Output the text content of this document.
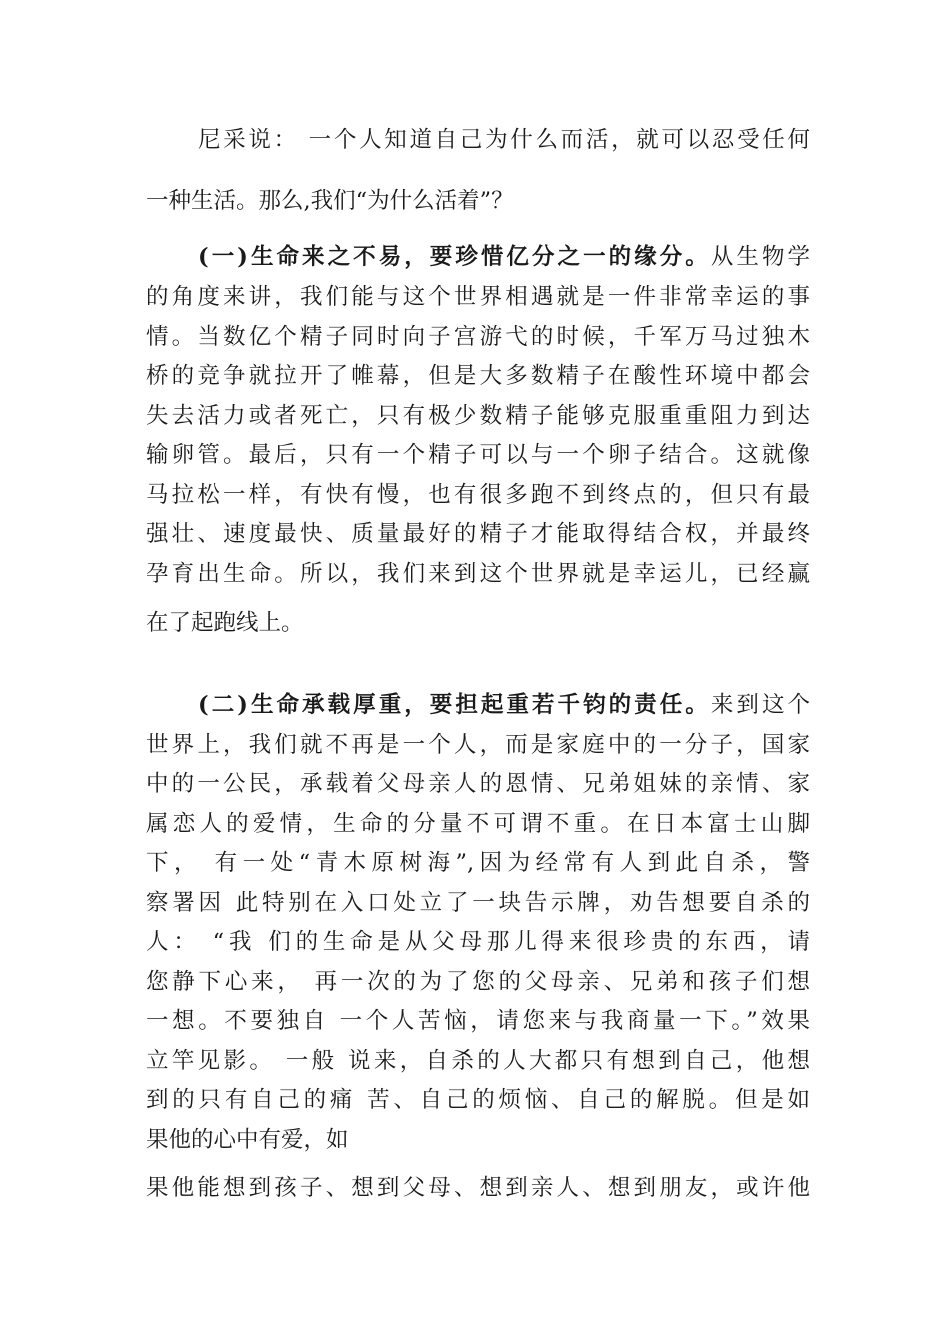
尼采说： 一个人知道自己为什么而活，就可以忍受任何
一种生活。那么,我们“为什么活着”？
(一)生命来之不易，要珍惜亿分之一的缘分。从生物学
的角度来讲，我们能与这个世界相遇就是一件非常幸运的事
情。当数亿个精子同时向子宫游弋的时候，千军万马过独木
桥的竞争就拉开了帷幕，但是大多数精子在酸性环境中都会
失去活力或者死亡，只有极少数精子能够克服重重阻力到达
输卵管。最后，只有一个精子可以与一个卵子结合。这就像
马拉松一样，有快有慢，也有很多跑不到终点的，但只有最
强壮、速度最快、质量最好的精子才能取得结合权，并最终
孕育出生命。所以，我们来到这个世界就是幸运儿，已经赢
在了起跑线上。
(二)生命承载厚重，要担起重若千钧的责任。来到这个
世界上，我们就不再是一个人，而是家庭中的一分子，国家
中的一公民，承载着父母亲人的恩情、兄弟姐妹的亲情、家
属恋人的爱情，生命的分量不可谓不重。在日本富士山脚
下， 有一处“青木原树海”,因为经常有人到此自杀，警
察署因 此特别在入口处立了一块告示牌，劝告想要自杀的
人： “我 们的生命是从父母那儿得来很珍贵的东西，请
您静下心来， 再一次的为了您的父母亲、兄弟和孩子们想
一想。不要独自 一个人苦恼，请您来与我商量一下。”效果
立竿见影。 一般 说来，自杀的人大都只有想到自己，他想
到的只有自己的痛 苦、自己的烦恼、自己的解脱。但是如
果他的心中有爱，如
果他能想到孩子、想到父母、想到亲人、想到朋友，或许他
